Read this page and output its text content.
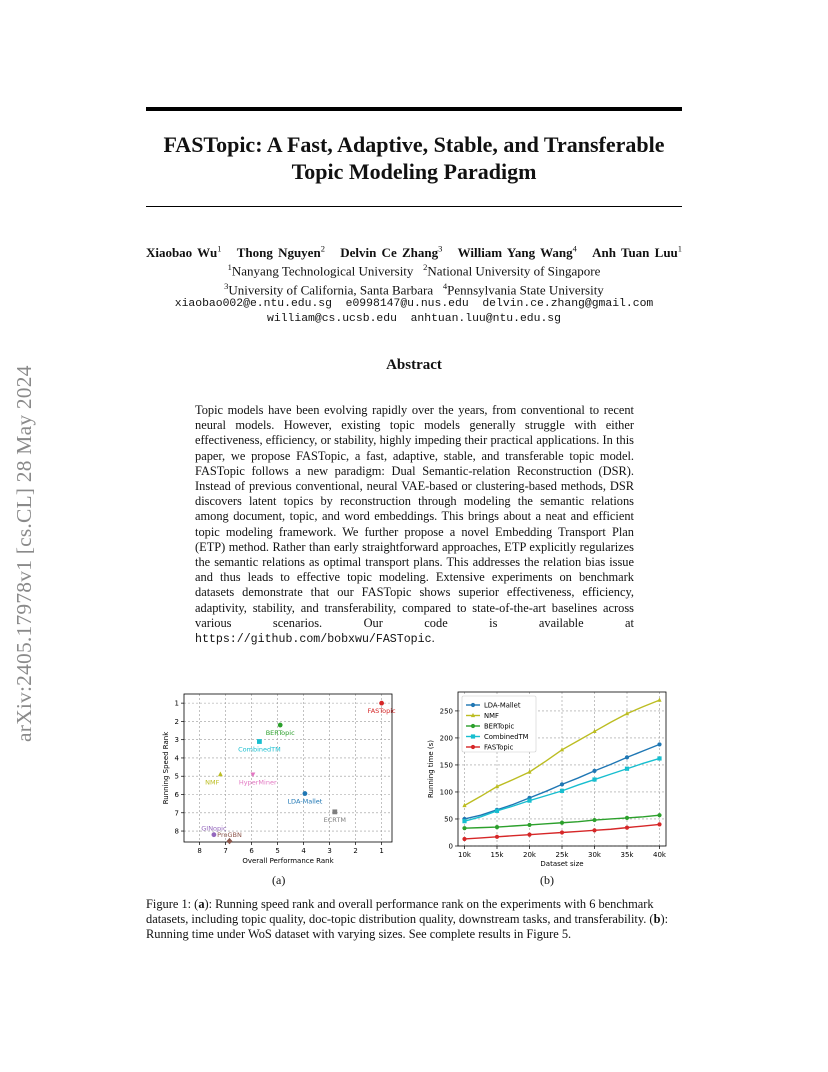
FASTopic: A Fast, Adaptive, Stable, and Transferable
Topic Modeling Paradigm
arXiv:2405.17978v1 [cs.CL] 28 May 2024
Xiaobao Wu$^1$ Thong Nguyen$^2$ Delvin Ce Zhang$^3$ William Yang Wang$^4$ Anh Tuan Luu$^1$
$^1$Nanyang Technological University $^2$National University of Singapore
$^3$University of California, Santa Barbara $^4$Pennsylvania State University
xiaobao002@e.ntu.edu.sg  e0998147@u.nus.edu  delvin.ce.zhang@gmail.com
william@cs.ucsb.edu  anhtuan.luu@ntu.edu.sg
Abstract
Topic models have been evolving rapidly over the years, from conventional to recent neural models. However, existing topic models generally struggle with either effectiveness, efficiency, or stability, highly impeding their practical applications. In this paper, we propose FASTopic, a fast, adaptive, stable, and transferable topic model. FASTopic follows a new paradigm: Dual Semantic-relation Reconstruction (DSR). Instead of previous conventional, neural VAE-based or clustering-based methods, DSR discovers latent topics by reconstruction through modeling the semantic relations among document, topic, and word embeddings. This brings about a neat and efficient topic modeling framework. We further propose a novel Embedding Transport Plan (ETP) method. Rather than early straightforward approaches, ETP explicitly regularizes the semantic relations as optimal transport plans. This addresses the relation bias issue and thus leads to effective topic modeling. Extensive experiments on benchmark datasets demonstrate that our FASTopic shows superior effectiveness, efficiency, adaptivity, stability, and transferability, compared to state-of-the-art baselines across various scenarios. Our code is available at https://github.com/bobxwu/FASTopic.
8	7	6	5	4	3	2	1
1
2
3
4
5
6
7
8
Overall Performance Rank
Running Speed Rank
FASTopic
BERTopic
CombinedTM
NMF	HyperMiner
LDA-Mallet
ECRTM
GINopic
ProGBN
10k	15k	20k	25k	30k	35k	40k
0
50
100
150
200
250
Dataset size
Running time (s)
LDA-Mallet
NMF
BERTopic
CombinedTM
FASTopic
(a)	(b)
Figure 1: (a): Running speed rank and overall performance rank on the experiments with 6 benchmark datasets, including topic quality, doc-topic distribution quality, downstream tasks, and transferability. (b): Running time under WoS dataset with varying sizes. See complete results in Figure 5.
